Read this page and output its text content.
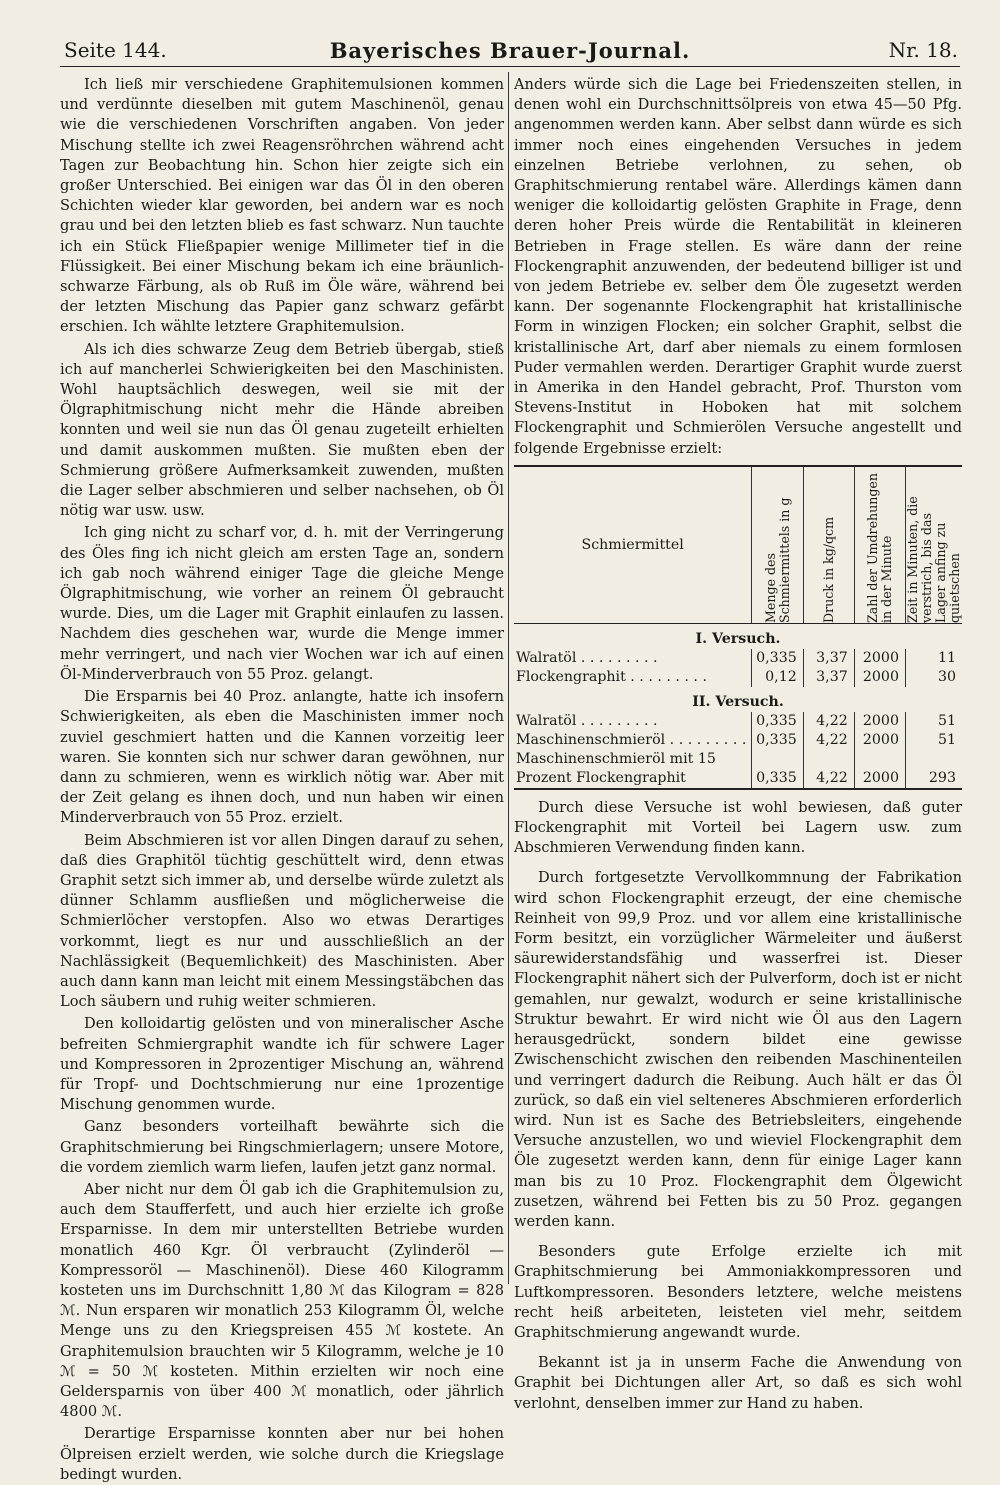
Seite 144.	Bayerisches Brauer-Journal.	Nr. 18.

Ich ließ mir verschiedene Graphitemulsionen kommen und verdünnte dieselben mit gutem Maschinenöl, genau wie die verschiedenen Vorschriften angaben. Von jeder Mischung stellte ich zwei Reagensröhrchen während acht Tagen zur Beobachtung hin. Schon hier zeigte sich ein großer Unterschied. Bei einigen war das Öl in den oberen Schichten wieder klar geworden, bei andern war es noch grau und bei den letzten blieb es fast schwarz. Nun tauchte ich ein Stück Fließpapier wenige Millimeter tief in die Flüssigkeit. Bei einer Mischung bekam ich eine bräunlich-schwarze Färbung, als ob Ruß im Öle wäre, während bei der letzten Mischung das Papier ganz schwarz gefärbt erschien. Ich wählte letztere Graphitemulsion.

Als ich dies schwarze Zeug dem Betrieb übergab, stieß ich auf mancherlei Schwierigkeiten bei den Maschinisten. Wohl hauptsächlich deswegen, weil sie mit der Ölgraphitmischung nicht mehr die Hände abreiben konnten und weil sie nun das Öl genau zugeteilt erhielten und damit auskommen mußten. Sie mußten eben der Schmierung größere Aufmerksamkeit zuwenden, mußten die Lager selber abschmieren und selber nachsehen, ob Öl nötig war usw. usw.

Ich ging nicht zu scharf vor, d. h. mit der Verringerung des Öles fing ich nicht gleich am ersten Tage an, sondern ich gab noch während einiger Tage die gleiche Menge Ölgraphitmischung, wie vorher an reinem Öl gebraucht wurde. Dies, um die Lager mit Graphit einlaufen zu lassen. Nachdem dies geschehen war, wurde die Menge immer mehr verringert, und nach vier Wochen war ich auf einen Öl-Minderverbrauch von 55 Proz. gelangt.

Die Ersparnis bei 40 Proz. anlangte, hatte ich insofern Schwierigkeiten, als eben die Maschinisten immer noch zuviel geschmiert hatten und die Kannen vorzeitig leer waren. Sie konnten sich nur schwer daran gewöhnen, nur dann zu schmieren, wenn es wirklich nötig war. Aber mit der Zeit gelang es ihnen doch, und nun haben wir einen Minderverbrauch von 55 Proz. erzielt.

Beim Abschmieren ist vor allen Dingen darauf zu sehen, daß dies Graphitöl tüchtig geschüttelt wird, denn etwas Graphit setzt sich immer ab, und derselbe würde zuletzt als dünner Schlamm ausfließen und möglicherweise die Schmierlöcher verstopfen. Also wo etwas Derartiges vorkommt, liegt es nur und ausschließlich an der Nachlässigkeit (Bequemlichkeit) des Maschinisten. Aber auch dann kann man leicht mit einem Messingstäbchen das Loch säubern und ruhig weiter schmieren.

Den kolloidartig gelösten und von mineralischer Asche befreiten Schmiergraphit wandte ich für schwere Lager und Kompressoren in 2prozentiger Mischung an, während für Tropf- und Dochtschmierung nur eine 1prozentige Mischung genommen wurde.

Ganz besonders vorteilhaft bewährte sich die Graphitschmierung bei Ringschmierlagern; unsere Motore, die vordem ziemlich warm liefen, laufen jetzt ganz normal.

Aber nicht nur dem Öl gab ich die Graphitemulsion zu, auch dem Staufferfett, und auch hier erzielte ich große Ersparnisse. In dem mir unterstellten Betriebe wurden monatlich 460 Kgr. Öl verbraucht (Zylinderöl — Kompressoröl — Maschinenöl). Diese 460 Kilogramm kosteten uns im Durchschnitt 1,80 ℳ das Kilogram = 828 ℳ. Nun ersparen wir monatlich 253 Kilogramm Öl, welche Menge uns zu den Kriegspreisen 455 ℳ kostete. An Graphitemulsion brauchten wir 5 Kilogramm, welche je 10 ℳ = 50 ℳ kosteten. Mithin erzielten wir noch eine Geldersparnis von über 400 ℳ monatlich, oder jährlich 4800 ℳ.

Derartige Ersparnisse konnten aber nur bei hohen Ölpreisen erzielt werden, wie solche durch die Kriegslage bedingt wurden.

Anders würde sich die Lage bei Friedenszeiten stellen, in denen wohl ein Durchschnittsölpreis von etwa 45—50 Pfg. angenommen werden kann. Aber selbst dann würde es sich immer noch eines eingehenden Versuches in jedem einzelnen Betriebe verlohnen, zu sehen, ob Graphitschmierung rentabel wäre. Allerdings kämen dann weniger die kolloidartig gelösten Graphite in Frage, denn deren hoher Preis würde die Rentabilität in kleineren Betrieben in Frage stellen. Es wäre dann der reine Flockengraphit anzuwenden, der bedeutend billiger ist und von jedem Betriebe ev. selber dem Öle zugesetzt werden kann. Der sogenannte Flockengraphit hat kristallinische Form in winzigen Flocken; ein solcher Graphit, selbst die kristallinische Art, darf aber niemals zu einem formlosen Puder vermahlen werden. Derartiger Graphit wurde zuerst in Amerika in den Handel gebracht, Prof. Thurston vom Stevens-Institut in Hoboken hat mit solchem Flockengraphit und Schmierölen Versuche angestellt und folgende Ergebnisse erzielt:

Schmiermittel	Menge des Schmiermittels in g	Druck in kg/qcm	Zahl der Umdrehungen in der Minute	Zeit in Minuten, die verstrich, bis das Lager anfing zu quietschen

I. Versuch.				
Walratöl . . .	0,335	3,37	2000	11
Flockengraphit . . .	0,12	3,37	2000	30
II. Versuch.				
Walratöl . . .	0,335	4,22	2000	51
Maschinenschmieröl . . .	0,335	4,22	2000	51
Maschinenschmieröl mit 15 Prozent Flockengraphit	0,335	4,22	2000	293

Durch diese Versuche ist wohl bewiesen, daß guter Flockengraphit mit Vorteil bei Lagern usw. zum Abschmieren Verwendung finden kann.

Durch fortgesetzte Vervollkommnung der Fabrikation wird schon Flockengraphit erzeugt, der eine chemische Reinheit von 99,9 Proz. und vor allem eine kristallinische Form besitzt, ein vorzüglicher Wärmeleiter und äußerst säurewiderstandsfähig und wasserfrei ist. Dieser Flockengraphit nähert sich der Pulverform, doch ist er nicht gemahlen, nur gewalzt, wodurch er seine kristallinische Struktur bewahrt. Er wird nicht wie Öl aus den Lagern herausgedrückt, sondern bildet eine gewisse Zwischenschicht zwischen den reibenden Maschinenteilen und verringert dadurch die Reibung. Auch hält er das Öl zurück, so daß ein viel selteneres Abschmieren erforderlich wird. Nun ist es Sache des Betriebsleiters, eingehende Versuche anzustellen, wo und wieviel Flockengraphit dem Öle zugesetzt werden kann, denn für einige Lager kann man bis zu 10 Proz. Flockengraphit dem Ölgewicht zusetzen, während bei Fetten bis zu 50 Proz. gegangen werden kann.

Besonders gute Erfolge erzielte ich mit Graphitschmierung bei Ammoniakkompressoren und Luftkompressoren. Besonders letztere, welche meistens recht heiß arbeiteten, leisteten viel mehr, seitdem Graphitschmierung angewandt wurde.

Bekannt ist ja in unserm Fache die Anwendung von Graphit bei Dichtungen aller Art, so daß es sich wohl verlohnt, denselben immer zur Hand zu haben.
